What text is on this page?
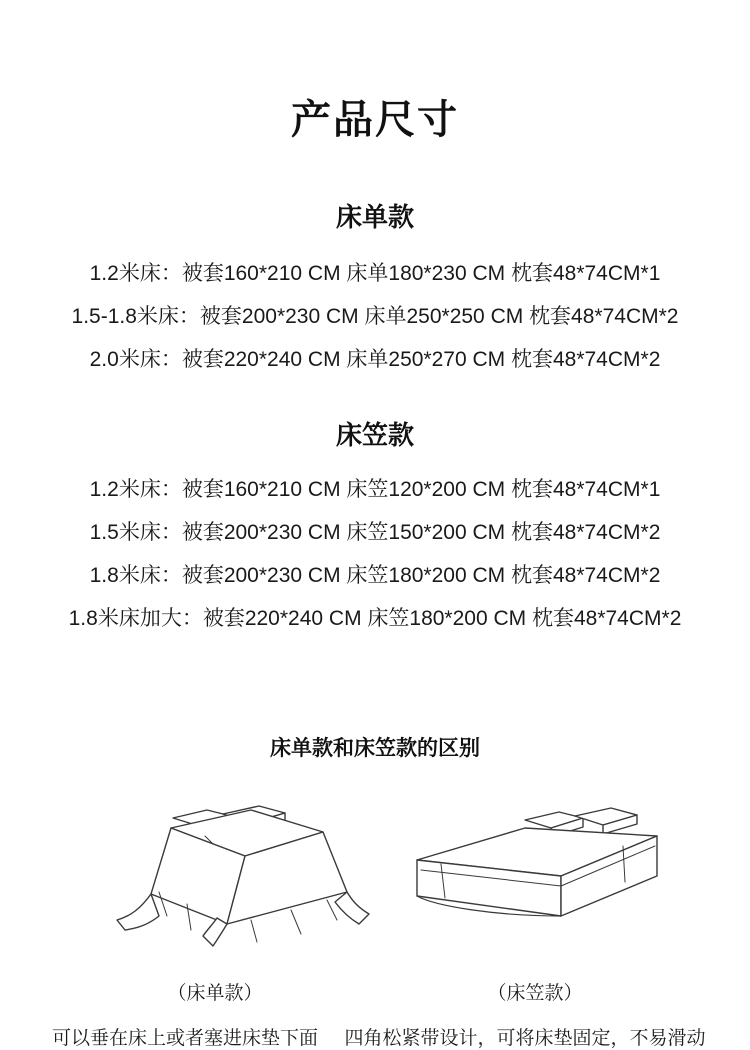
产品尺寸
床单款
1.2米床：被套160*210 CM 床单180*230 CM 枕套48*74CM*1
1.5-1.8米床：被套200*230 CM 床单250*250 CM 枕套48*74CM*2
2.0米床：被套220*240 CM 床单250*270 CM 枕套48*74CM*2
床笠款
1.2米床：被套160*210 CM 床笠120*200 CM 枕套48*74CM*1
1.5米床：被套200*230 CM 床笠150*200 CM 枕套48*74CM*2
1.8米床：被套200*230 CM 床笠180*200 CM 枕套48*74CM*2
1.8米床加大：被套220*240 CM 床笠180*200 CM 枕套48*74CM*2
床单款和床笠款的区别
（床单款）	（床笠款）
可以垂在床上或者塞进床垫下面	四角松紧带设计，可将床垫固定，不易滑动
